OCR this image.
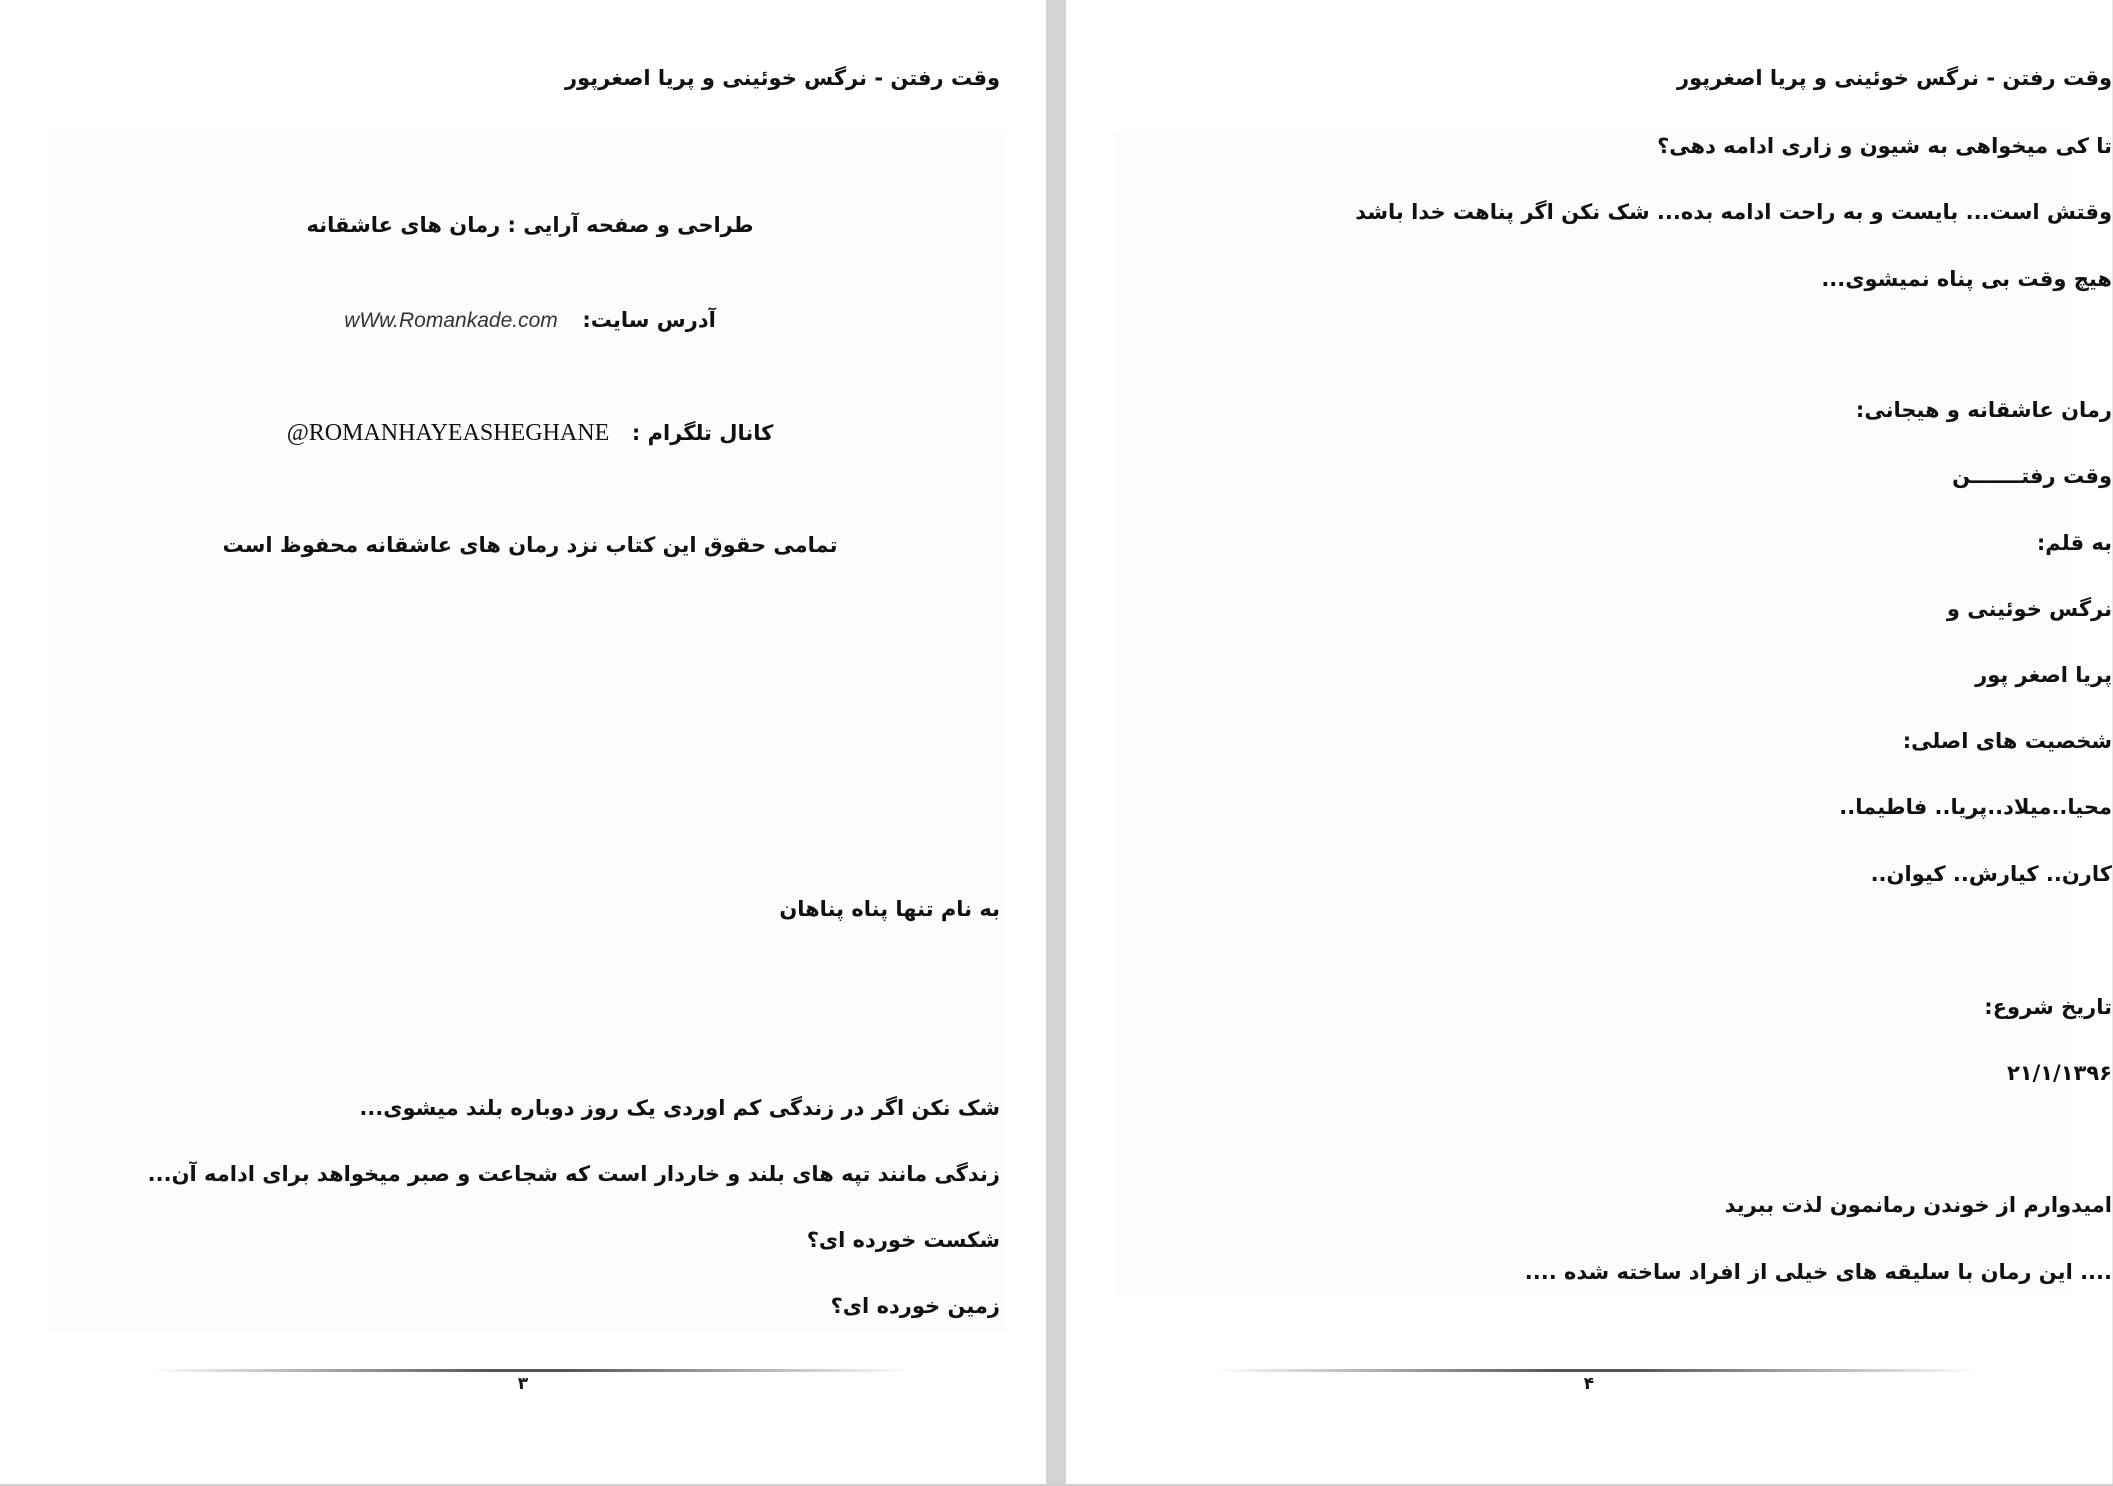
وقت رفتن - نرگس خوئینی و پریا اصغرپور
طراحی و صفحه آرایی : رمان های عاشقانه
آدرس سایت:  wWw.Romankade.com
کانال تلگرام :  @ROMANHAYEASHEGHANE
تمامی حقوق این کتاب نزد رمان های عاشقانه محفوظ است
به نام تنها پناه پناهان
شک نکن اگر در زندگی کم اوردی یک روز دوباره بلند میشوی...
زندگی مانند تپه های بلند و خاردار است که شجاعت و صبر میخواهد برای ادامه آن...
شکست خورده ای؟
زمین خورده ای؟
۳
وقت رفتن - نرگس خوئینی و پریا اصغرپور
تا کی میخواهی به شیون و زاری ادامه دهی؟
وقتش است... بایست و به راحت ادامه بده... شک نکن اگر پناهت خدا باشد
هیچ وقت بی پناه نمیشوی...
رمان عاشقانه و هیجانی:
وقت رفتـــــــن
به قلم:
نرگس خوئینی و
پریا اصغر پور
شخصیت های اصلی:
محیا..میلاد..پریا.. فاطیما..
کارن.. کیارش.. کیوان..
تاریخ شروع:
۲۱/۱/۱۳۹۶
امیدوارم از خوندن رمانمون لذت ببرید
.... این رمان با سلیقه های خیلی از افراد ساخته شده ....
۴
